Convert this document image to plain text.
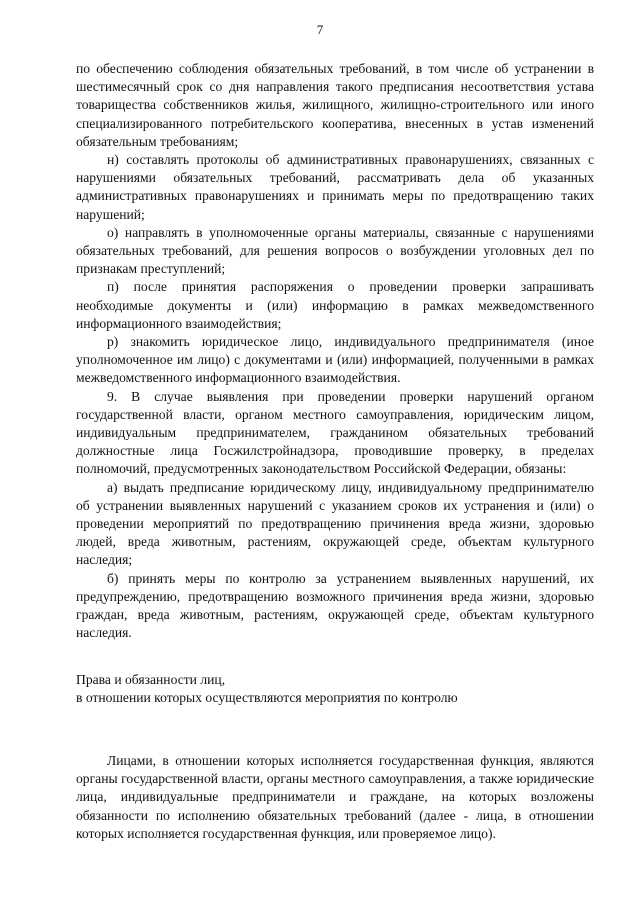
7

по обеспечению соблюдения обязательных требований, в том числе об устранении в шестимесячный срок со дня направления такого предписания несоответствия устава товарищества собственников жилья, жилищного, жилищно-строительного или иного специализированного потребительского кооператива, внесенных в устав изменений обязательным требованиям;

н) составлять протоколы об административных правонарушениях, связанных с нарушениями обязательных требований, рассматривать дела об указанных административных правонарушениях и принимать меры по предотвращению таких нарушений;

о) направлять в уполномоченные органы материалы, связанные с нарушениями обязательных требований, для решения вопросов о возбуждении уголовных дел по признакам преступлений;

п) после принятия распоряжения о проведении проверки запрашивать необходимые документы и (или) информацию в рамках межведомственного информационного взаимодействия;

р) знакомить юридическое лицо, индивидуального предпринимателя (иное уполномоченное им лицо) с документами и (или) информацией, полученными в рамках межведомственного информационного взаимодействия.

9. В случае выявления при проведении проверки нарушений органом государственной власти, органом местного самоуправления, юридическим лицом, индивидуальным предпринимателем, гражданином обязательных требований должностные лица Госжилстройнадзора, проводившие проверку, в пределах полномочий, предусмотренных законодательством Российской Федерации, обязаны:

а) выдать предписание юридическому лицу, индивидуальному предпринимателю об устранении выявленных нарушений с указанием сроков их устранения и (или) о проведении мероприятий по предотвращению причинения вреда жизни, здоровью людей, вреда животным, растениям, окружающей среде, объектам культурного наследия;

б) принять меры по контролю за устранением выявленных нарушений, их предупреждению, предотвращению возможного причинения вреда жизни, здоровью граждан, вреда животным, растениям, окружающей среде, объектам культурного наследия.

Права и обязанности лиц,

в отношении которых осуществляются мероприятия по контролю

Лицами, в отношении которых исполняется государственная функция, являются органы государственной власти, органы местного самоуправления, а также юридические лица, индивидуальные предприниматели и граждане, на которых возложены обязанности по исполнению обязательных требований (далее - лица, в отношении которых исполняется государственная функция, или проверяемое лицо).
